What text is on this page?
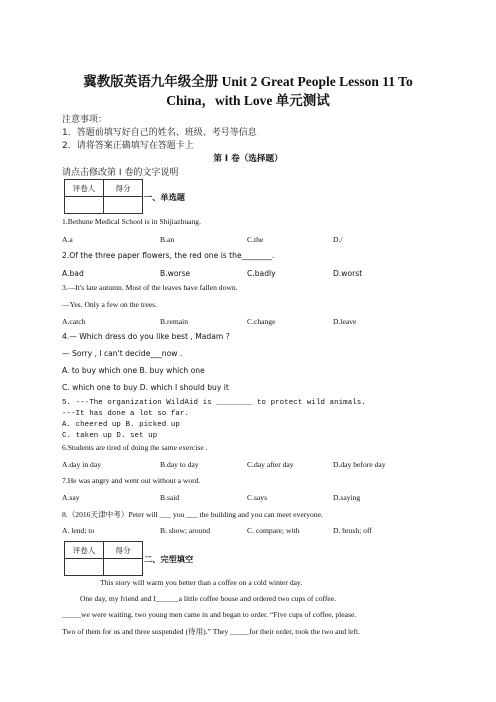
冀教版英语九年级全册 Unit 2 Great People Lesson 11 To
China，with Love 单元测试
注意事项：
1．答题前填写好自己的姓名、班级、考号等信息
2．请将答案正确填写在答题卡上
第 I 卷（选择题）
请点击修改第 I 卷的文字说明
评卷人	得分

一、单选题
1.Bethune Medical School is in Shijiazhuang.
A.a	B.an	C.the	D./
2.Of the three paper flowers, the red one is the________.
A.bad	B.worse	C.badly	D.worst
3.—It's late autumn. Most of the leaves have fallen down.
—Yes. Only a few on the trees.
A.catch	B.remain	C.change	D.leave
4.— Which dress do you like best , Madam ?
— Sorry , I can't decide___now .
A. to buy which one B. buy which one
C. which one to buy D. which I should buy it
5. ---The organization WildAid is ________ to protect wild animals.
---It has done a lot so far.
A. cheered up B. picked up
C. taken up D. set up
6.Students are tired of doing the same exercise .
A.day in day	B.day to day	C.day after day	D.day before day
7.He was angry and went out without a word.
A.say	B.said	C.says	D.saying
8.（2016天津中考）Peter will ___ you ___ the building and you can meet everyone.
A. lend; to	B. show; around	C. compare; with	D. brush; off
评卷人	得分

二、完型填空
This story will warm you better than a coffee on a cold winter day.
One day, my friend and I______a little coffee house and ordered two cups of coffee.
_____we were waiting, two young men came in and began to order. “Five cups of coffee, please.
Two of them for us and three suspended (待用).” They _____for their order, took the two and left.
